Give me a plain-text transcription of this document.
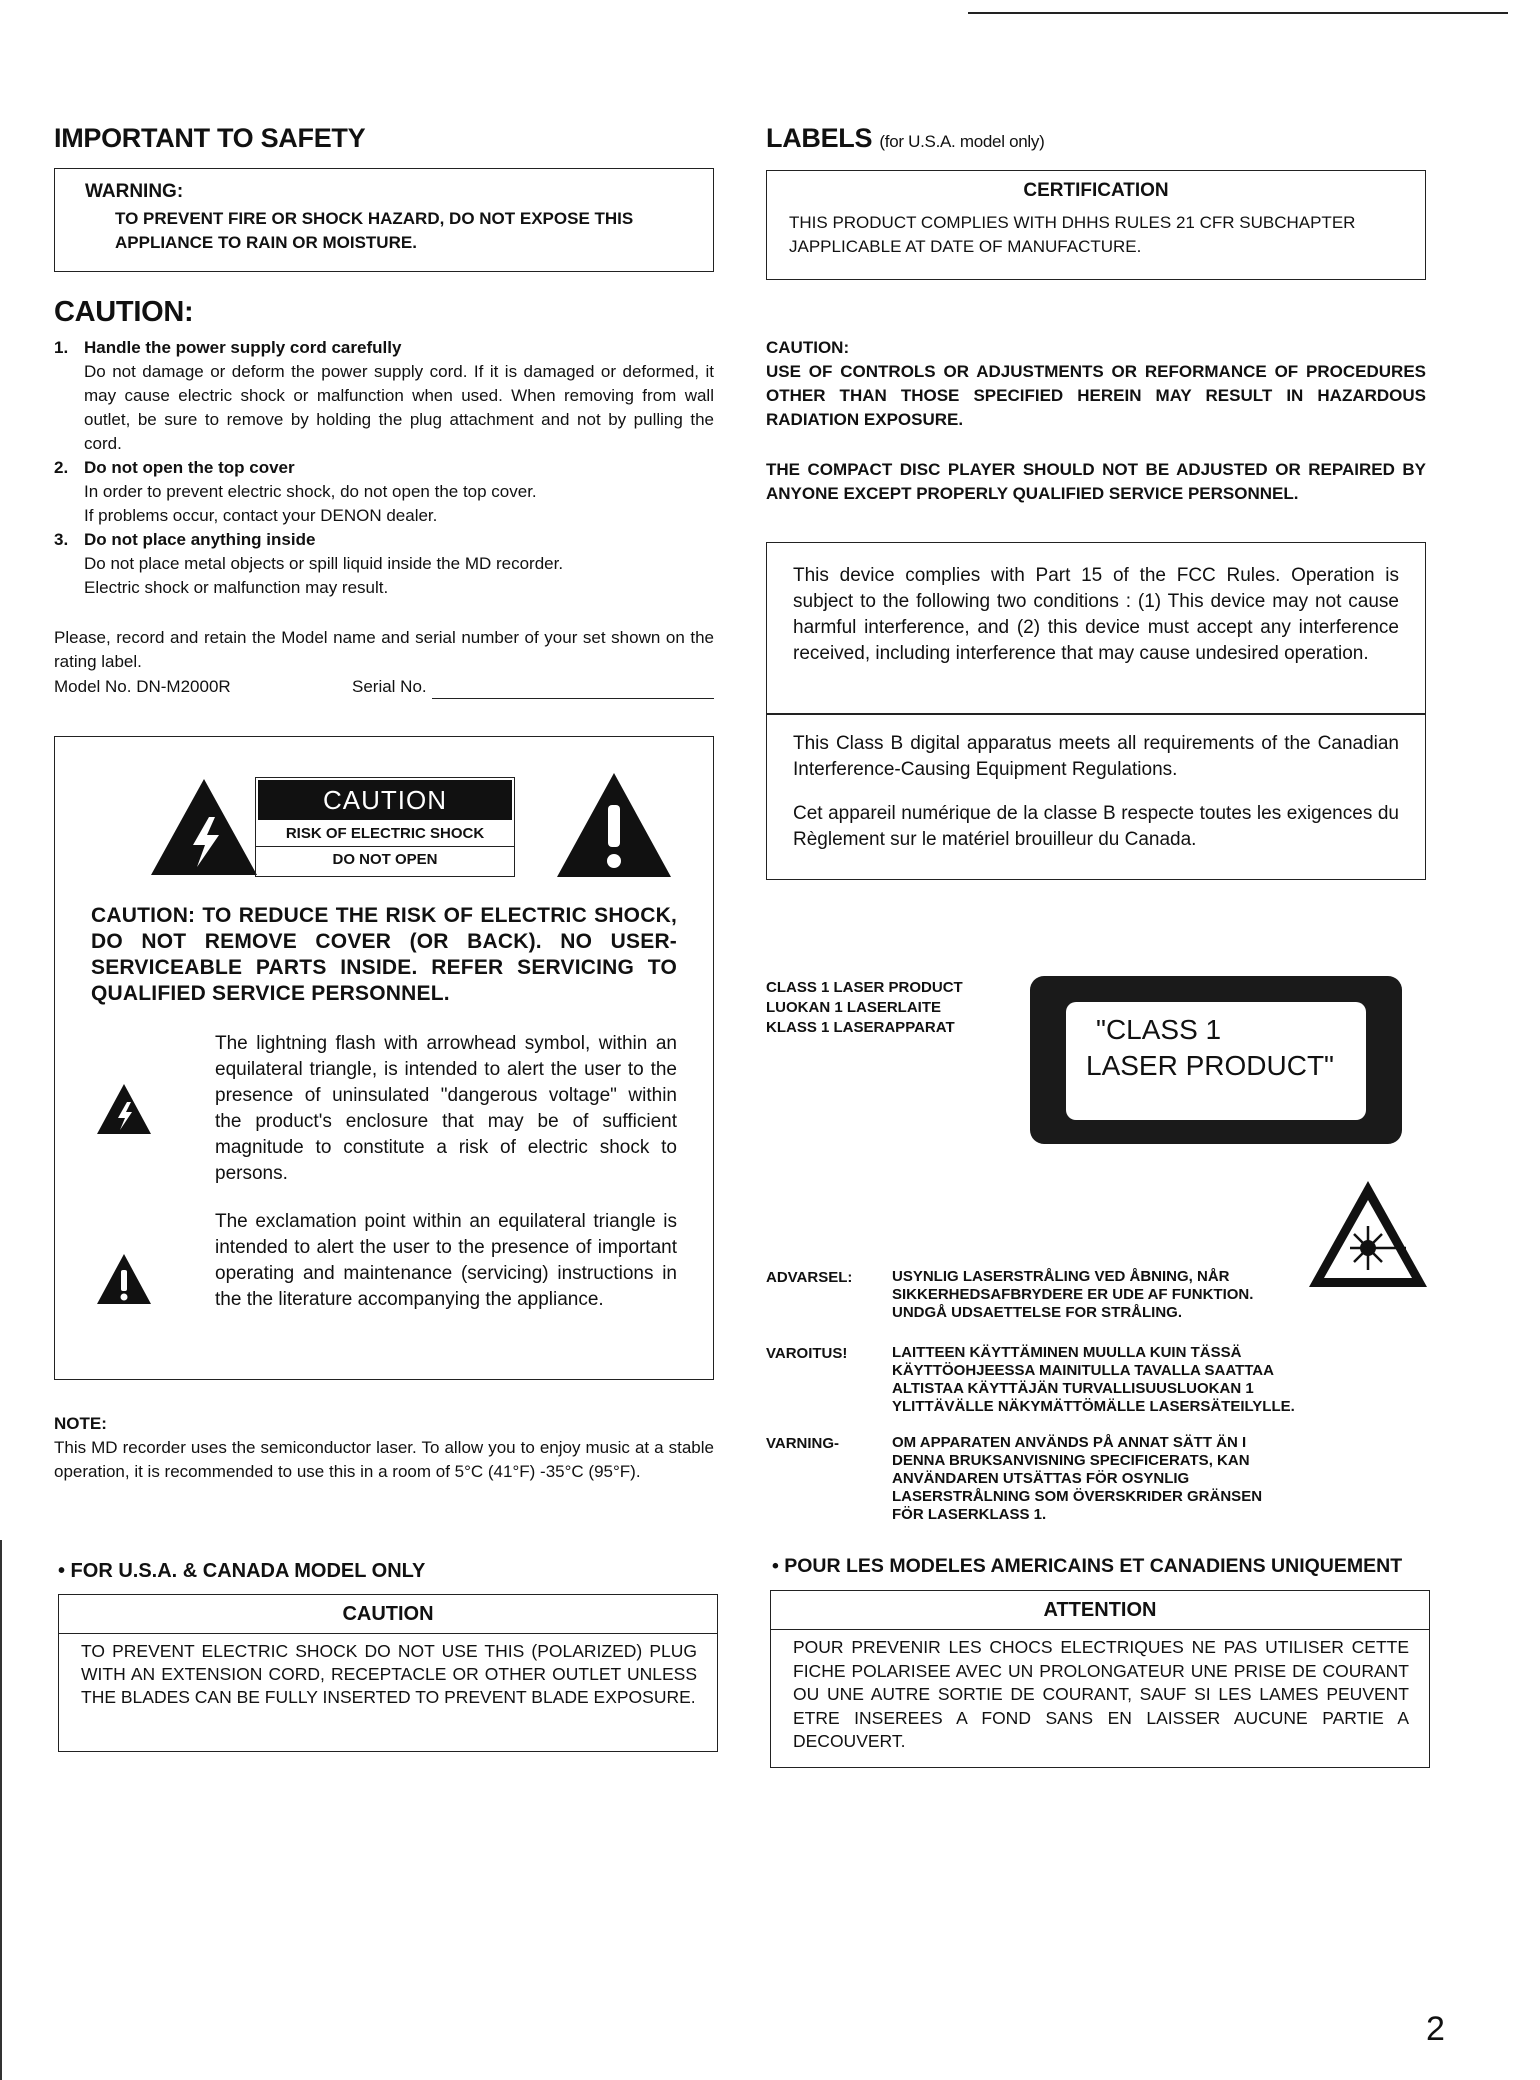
IMPORTANT TO SAFETY
WARNING:
TO PREVENT FIRE OR SHOCK HAZARD, DO NOT EXPOSE THIS APPLIANCE TO RAIN OR MOISTURE.
CAUTION:
1. Handle the power supply cord carefully
Do not damage or deform the power supply cord. If it is damaged or deformed, it may cause electric shock or malfunction when used. When removing from wall outlet, be sure to remove by holding the plug attachment and not by pulling the cord.
2. Do not open the top cover
In order to prevent electric shock, do not open the top cover.
If problems occur, contact your DENON dealer.
3. Do not place anything inside
Do not place metal objects or spill liquid inside the MD recorder.
Electric shock or malfunction may result.
Please, record and retain the Model name and serial number of your set shown on the rating label.
Model No. DN-M2000R	Serial No.
CAUTION
RISK OF ELECTRIC SHOCK
DO NOT OPEN
CAUTION: TO REDUCE THE RISK OF ELECTRIC SHOCK, DO NOT REMOVE COVER (OR BACK). NO USER-SERVICEABLE PARTS INSIDE. REFER SERVICING TO QUALIFIED SERVICE PERSONNEL.
The lightning flash with arrowhead symbol, within an equilateral triangle, is intended to alert the user to the presence of uninsulated "dangerous voltage" within the product's enclosure that may be of sufficient magnitude to constitute a risk of electric shock to persons.
The exclamation point within an equilateral triangle is intended to alert the user to the presence of important operating and maintenance (servicing) instructions in the the literature accompanying the appliance.
NOTE:
This MD recorder uses the semiconductor laser. To allow you to enjoy music at a stable operation, it is recommended to use this in a room of 5°C (41°F) -35°C (95°F).
• FOR U.S.A. & CANADA MODEL ONLY
CAUTION
TO PREVENT ELECTRIC SHOCK DO NOT USE THIS (POLARIZED) PLUG WITH AN EXTENSION CORD, RECEPTACLE OR OTHER OUTLET UNLESS THE BLADES CAN BE FULLY INSERTED TO PREVENT BLADE EXPOSURE.
LABELS (for U.S.A. model only)
CERTIFICATION
THIS PRODUCT COMPLIES WITH DHHS RULES 21 CFR SUBCHAPTER JAPPLICABLE AT DATE OF MANUFACTURE.
CAUTION:
USE OF CONTROLS OR ADJUSTMENTS OR REFORMANCE OF PROCEDURES OTHER THAN THOSE SPECIFIED HEREIN MAY RESULT IN HAZARDOUS RADIATION EXPOSURE.
THE COMPACT DISC PLAYER SHOULD NOT BE ADJUSTED OR REPAIRED BY ANYONE EXCEPT PROPERLY QUALIFIED SERVICE PERSONNEL.
This device complies with Part 15 of the FCC Rules. Operation is subject to the following two conditions : (1) This device may not cause harmful interference, and (2) this device must accept any interference received, including interference that may cause undesired operation.
This Class B digital apparatus meets all requirements of the Canadian Interference-Causing Equipment Regulations.
Cet appareil numérique de la classe B respecte toutes les exigences du Règlement sur le matériel brouilleur du Canada.
CLASS 1 LASER PRODUCT
LUOKAN 1 LASERLAITE
KLASS 1 LASERAPPARAT	"CLASS 1
LASER PRODUCT"
ADVARSEL:	USYNLIG LASERSTRÅLING VED ÅBNING, NÅR SIKKERHEDSAFBRYDERE ER UDE AF FUNKTION. UNDGÅ UDSAETTELSE FOR STRÅLING.
VAROITUS!	LAITTEEN KÄYTTÄMINEN MUULLA KUIN TÄSSÄ KÄYTTÖOHJEESSA MAINITULLA TAVALLA SAATTAA ALTISTAA KÄYTTÄJÄN TURVALLISUUSLUOKAN 1 YLITTÄVÄLLE NÄKYMÄTTÖMÄLLE LASERSÄTEILYLLE.
VARNING-	OM APPARATEN ANVÄNDS PÅ ANNAT SÄTT ÄN I DENNA BRUKSANVISNING SPECIFICERATS, KAN ANVÄNDAREN UTSÄTTAS FÖR OSYNLIG LASERSTRÅLNING SOM ÖVERSKRIDER GRÄNSEN FÖR LASERKLASS 1.
• POUR LES MODELES AMERICAINS ET CANADIENS UNIQUEMENT
ATTENTION
POUR PREVENIR LES CHOCS ELECTRIQUES NE PAS UTILISER CETTE FICHE POLARISEE AVEC UN PROLONGATEUR UNE PRISE DE COURANT OU UNE AUTRE SORTIE DE COURANT, SAUF SI LES LAMES PEUVENT ETRE INSEREES A FOND SANS EN LAISSER AUCUNE PARTIE A DECOUVERT.
2
